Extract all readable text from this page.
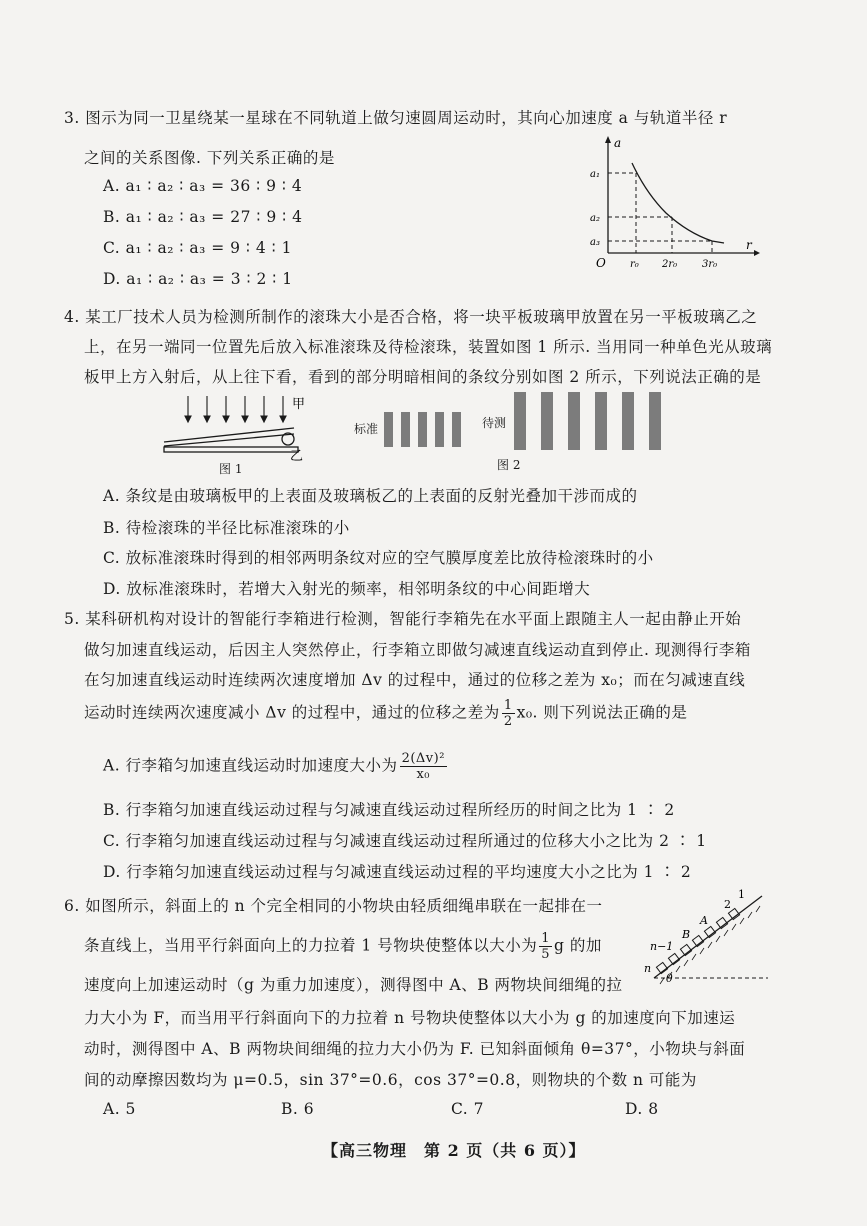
3. 图示为同一卫星绕某一星球在不同轨道上做匀速圆周运动时，其向心加速度 a 与轨道半径 r
之间的关系图像. 下列关系正确的是
A. a₁ ∶ a₂ ∶ a₃ = 36 ∶ 9 ∶ 4
B. a₁ ∶ a₂ ∶ a₃ = 27 ∶ 9 ∶ 4
C. a₁ ∶ a₂ ∶ a₃ = 9 ∶ 4 ∶ 1
D. a₁ ∶ a₂ ∶ a₃ = 3 ∶ 2 ∶ 1
a
r
O
a₁
a₂
a₃
r₀ 2r₀ 3r₀
4. 某工厂技术人员为检测所制作的滚珠大小是否合格，将一块平板玻璃甲放置在另一平板玻璃乙之
上，在另一端同一位置先后放入标准滚珠及待检滚珠，装置如图 1 所示. 当用同一种单色光从玻璃
板甲上方入射后，从上往下看，看到的部分明暗相间的条纹分别如图 2 所示，下列说法正确的是
甲
乙
图 1
标准	待测
图 2
A. 条纹是由玻璃板甲的上表面及玻璃板乙的上表面的反射光叠加干涉而成的
B. 待检滚珠的半径比标准滚珠的小
C. 放标准滚珠时得到的相邻两明条纹对应的空气膜厚度差比放待检滚珠时的小
D. 放标准滚珠时，若增大入射光的频率，相邻明条纹的中心间距增大
5. 某科研机构对设计的智能行李箱进行检测，智能行李箱先在水平面上跟随主人一起由静止开始
做匀加速直线运动，后因主人突然停止，行李箱立即做匀减速直线运动直到停止. 现测得行李箱
在匀加速直线运动时连续两次速度增加 Δv 的过程中，通过的位移之差为 x₀；而在匀减速直线
运动时连续两次速度减小 Δv 的过程中，通过的位移之差为 $\frac{1}{2} x_0$. 则下列说法正确的是
A. 行李箱匀加速直线运动时加速度大小为 $\frac{\text{2(Δv)²}}{\text{x₀}}$
B. 行李箱匀加速直线运动过程与匀减速直线运动过程所经历的时间之比为 1 ∶ 2
C. 行李箱匀加速直线运动过程与匀减速直线运动过程所通过的位移大小之比为 2 ∶ 1
D. 行李箱匀加速直线运动过程与匀减速直线运动过程的平均速度大小之比为 1 ∶ 2
6. 如图所示，斜面上的 n 个完全相同的小物块由轻质细绳串联在一起排在一
条直线上，当用平行斜面向上的力拉着 1 号物块使整体以大小为 $\frac{1}{5}$ g 的加
速度向上加速运动时（g 为重力加速度），测得图中 A、B 两物块间细绳的拉
力大小为 F，而当用平行斜面向下的力拉着 n 号物块使整体以大小为 g 的加速度向下加速运
动时，测得图中 A、B 两物块间细绳的拉力大小仍为 F. 已知斜面倾角 θ=37°，小物块与斜面
间的动摩擦因数均为 μ=0.5，sin 37°=0.6，cos 37°=0.8，则物块的个数 n 可能为
1
2
A
B
n−1
n
θ
A. 5	B. 6	C. 7	D. 8
【高三物理　第 2 页（共 6 页）】
